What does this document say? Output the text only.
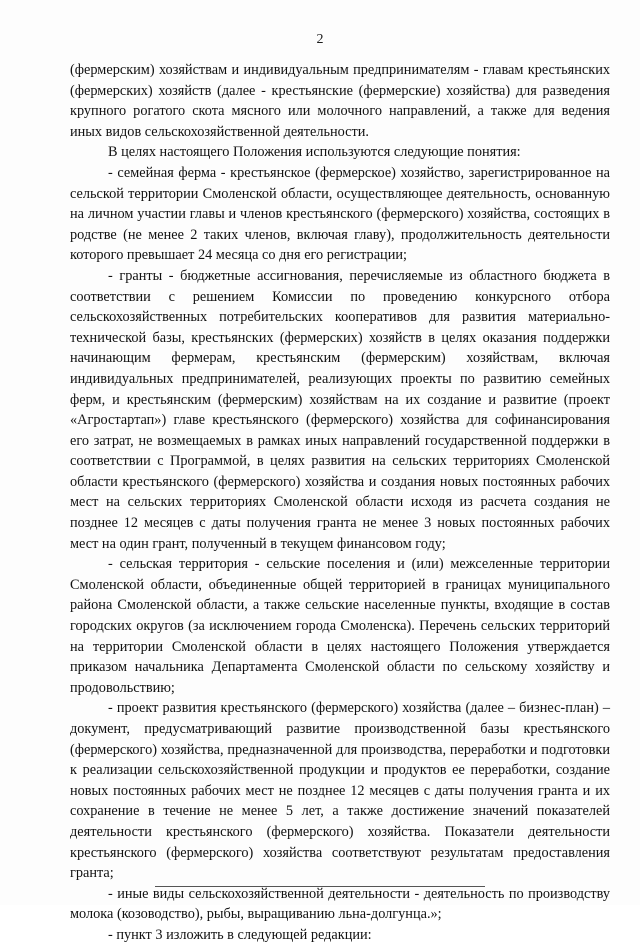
2

(фермерским) хозяйствам и индивидуальным предпринимателям - главам крестьянских (фермерских) хозяйств (далее - крестьянские (фермерские) хозяйства) для разведения крупного рогатого скота мясного или молочного направлений, а также для ведения иных видов сельскохозяйственной деятельности.

В целях настоящего Положения используются следующие понятия:

- семейная ферма - крестьянское (фермерское) хозяйство, зарегистрированное на сельской территории Смоленской области, осуществляющее деятельность, основанную на личном участии главы и членов крестьянского (фермерского) хозяйства, состоящих в родстве (не менее 2 таких членов, включая главу), продолжительность деятельности которого превышает 24 месяца со дня его регистрации;

- гранты - бюджетные ассигнования, перечисляемые из областного бюджета в соответствии с решением Комиссии по проведению конкурсного отбора сельскохозяйственных потребительских кооперативов для развития материально-технической базы, крестьянских (фермерских) хозяйств в целях оказания поддержки начинающим фермерам, крестьянским (фермерским) хозяйствам, включая индивидуальных предпринимателей, реализующих проекты по развитию семейных ферм, и крестьянским (фермерским) хозяйствам на их создание и развитие (проект «Агростартап») главе крестьянского (фермерского) хозяйства для софинансирования его затрат, не возмещаемых в рамках иных направлений государственной поддержки в соответствии с Программой, в целях развития на сельских территориях Смоленской области крестьянского (фермерского) хозяйства и создания новых постоянных рабочих мест на сельских территориях Смоленской области исходя из расчета создания не позднее 12 месяцев с даты получения гранта не менее 3 новых постоянных рабочих мест на один грант, полученный в текущем финансовом году;

- сельская территория - сельские поселения и (или) межселенные территории Смоленской области, объединенные общей территорией в границах муниципального района Смоленской области, а также сельские населенные пункты, входящие в состав городских округов (за исключением города Смоленска). Перечень сельских территорий на территории Смоленской области в целях настоящего Положения утверждается приказом начальника Департамента Смоленской области по сельскому хозяйству и продовольствию;

- проект развития крестьянского (фермерского) хозяйства (далее – бизнес-план) – документ, предусматривающий развитие производственной базы крестьянского (фермерского) хозяйства, предназначенной для производства, переработки и подготовки к реализации сельскохозяйственной продукции и продуктов ее переработки, создание новых постоянных рабочих мест не позднее 12 месяцев с даты получения гранта и их сохранение в течение не менее 5 лет, а также достижение значений показателей деятельности крестьянского (фермерского) хозяйства. Показатели деятельности крестьянского (фермерского) хозяйства соответствуют результатам предоставления гранта;

- иные виды сельскохозяйственной деятельности - деятельность по производству молока (козоводство), рыбы, выращиванию льна-долгунца.»;

- пункт 3 изложить в следующей редакции:
